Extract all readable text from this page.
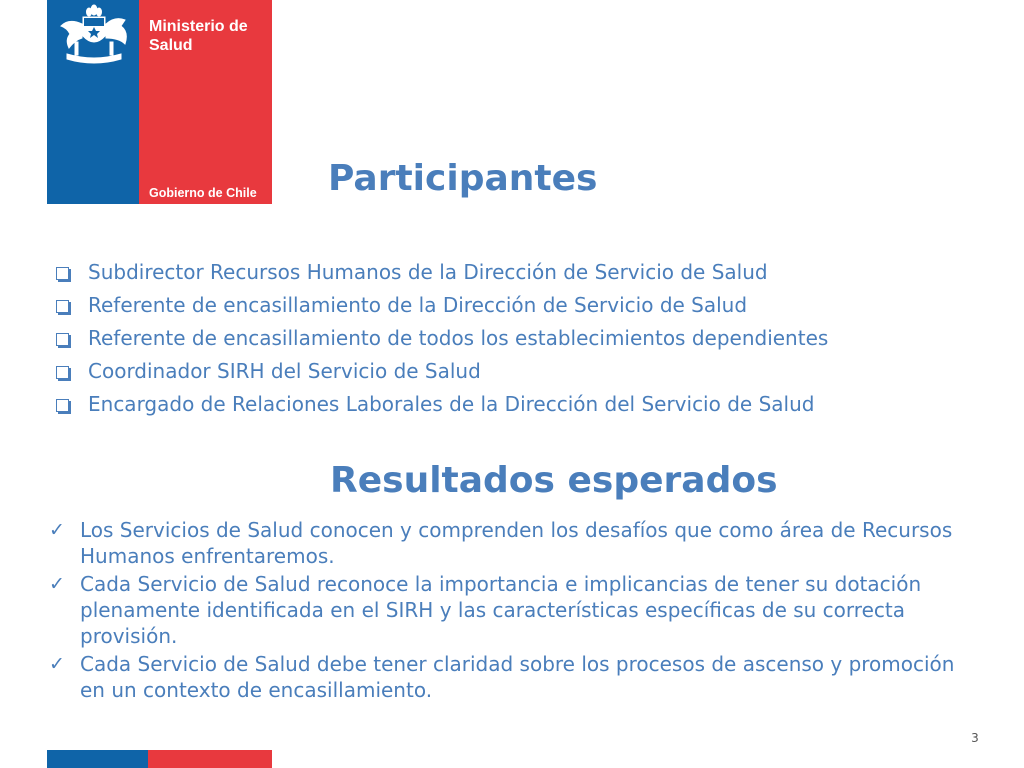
Ministerio de Salud
Gobierno de Chile Participantes
Subdirector Recursos Humanos de la Dirección de Servicio de Salud
Referente de encasillamiento de la Dirección de Servicio de Salud
Referente de encasillamiento de todos los establecimientos dependientes
Coordinador SIRH del Servicio de Salud
Encargado de Relaciones Laborales de la Dirección del Servicio de Salud
Resultados esperados
✓ Los Servicios de Salud conocen y comprenden los desafíos que como área de Recursos Humanos enfrentaremos.
✓ Cada Servicio de Salud reconoce la importancia e implicancias de tener su dotación plenamente identificada en el SIRH y las características específicas de su correcta provisión.
✓ Cada Servicio de Salud debe tener claridad sobre los procesos de ascenso y promoción en un contexto de encasillamiento.
3
